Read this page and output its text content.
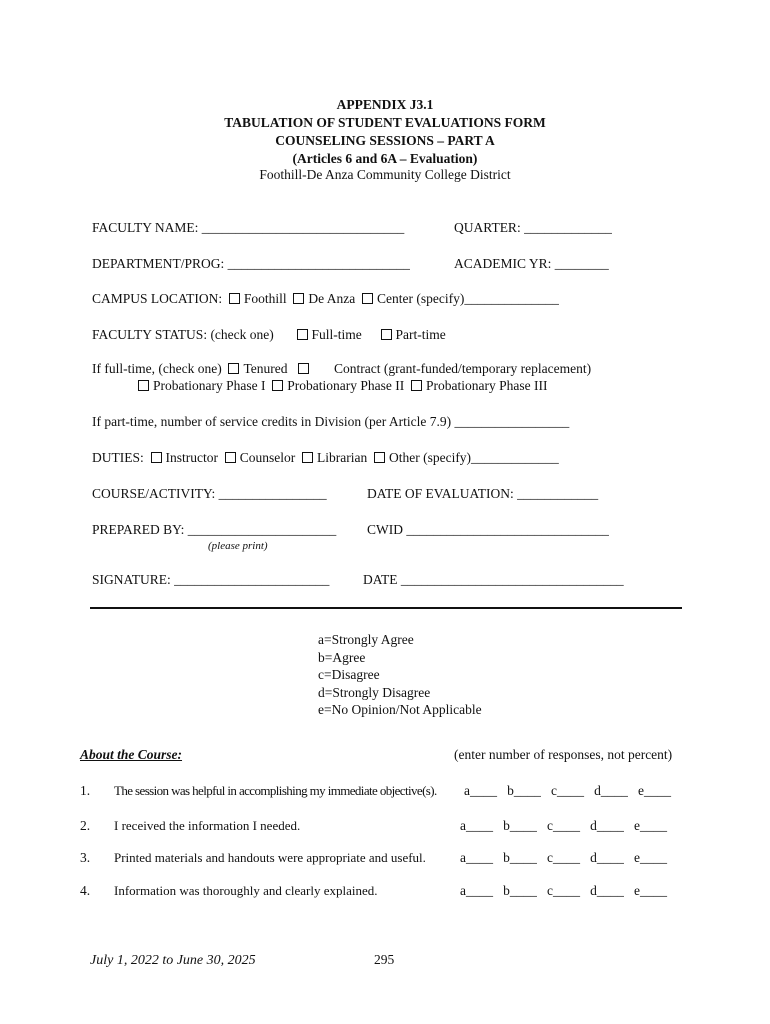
APPENDIX J3.1
TABULATION OF STUDENT EVALUATIONS FORM
COUNSELING SESSIONS – PART A
(Articles 6 and 6A – Evaluation)
Foothill-De Anza Community College District
FACULTY NAME: ______________________________	QUARTER: _____________
DEPARTMENT/PROG: ___________________________	ACADEMIC YR: ________
CAMPUS LOCATION: Foothill De Anza Center (specify)______________
FACULTY STATUS: (check one)	Full-time	Part-time
If full-time, (check one) Tenured	Contract (grant-funded/temporary replacement)
Probationary Phase I Probationary Phase II Probationary Phase III
If part-time, number of service credits in Division (per Article 7.9) _________________
DUTIES: Instructor Counselor Librarian Other (specify)_____________
COURSE/ACTIVITY: ________________	DATE OF EVALUATION: ____________
PREPARED BY: ______________________ CWID ______________________________
(please print)
SIGNATURE: _______________________ DATE _________________________________
a=Strongly Agree
b=Agree
c=Disagree
d=Strongly Disagree
e=No Opinion/Not Applicable
About the Course:	(enter number of responses, not percent)
1. The session was helpful in accomplishing my immediate objective(s). a____ b____ c____ d____ e____
2. I received the information I needed.	a____ b____ c____ d____ e____
3. Printed materials and handouts were appropriate and useful.	a____ b____ c____ d____ e____
4. Information was thoroughly and clearly explained.	a____ b____ c____ d____ e____
July 1, 2022 to June 30, 2025	295
